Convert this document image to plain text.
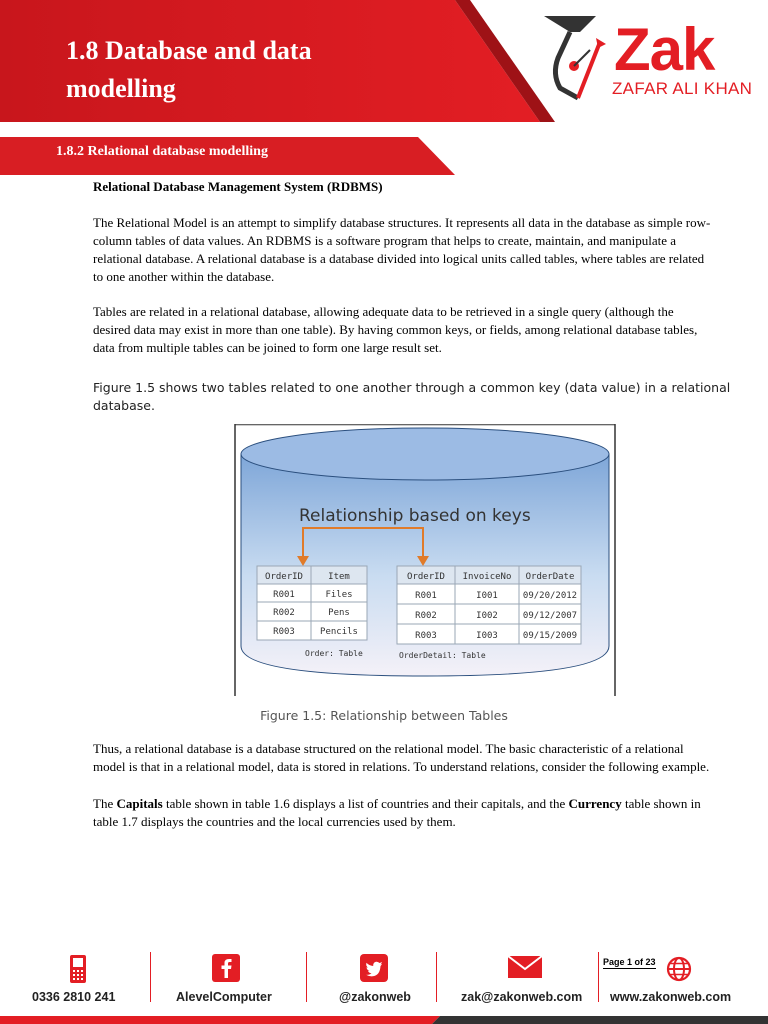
1.8 Database and data modelling
Zak
ZAFAR ALI KHAN
1.8.2 Relational database modelling
Relational Database Management System (RDBMS)

The Relational Model is an attempt to simplify database structures. It represents all data in the database as simple row-column tables of data values. An RDBMS is a software program that helps to create, maintain, and manipulate a relational database. A relational database is a database divided into logical units called tables, where tables are related to one another within the database.

Tables are related in a relational database, allowing adequate data to be retrieved in a single query (although the desired data may exist in more than one table). By having common keys, or fields, among relational database tables, data from multiple tables can be joined to form one large result set.

Figure 1.5 shows two tables related to one another through a common key (data value) in a relational database.
Relationship based on keys
OrderID	Item
R001	Files
R002	Pens
R003	Pencils
OrderID InvoiceNo OrderDate
R001	I001	09/20/2012
R002	I002	09/12/2007
R003	I003	09/15/2009
Order: Table	OrderDetail: Table
Figure 1.5: Relationship between Tables

Thus, a relational database is a database structured on the relational model. The basic characteristic of a relational model is that in a relational model, data is stored in relations. To understand relations, consider the following example.

The Capitals table shown in table 1.6 displays a list of countries and their capitals, and the Currency table shown in table 1.7 displays the countries and the local currencies used by them.

Page 1 of 23
0336 2810 241	AlevelComputer	@zakonweb	zak@zakonweb.com www.zakonweb.com
